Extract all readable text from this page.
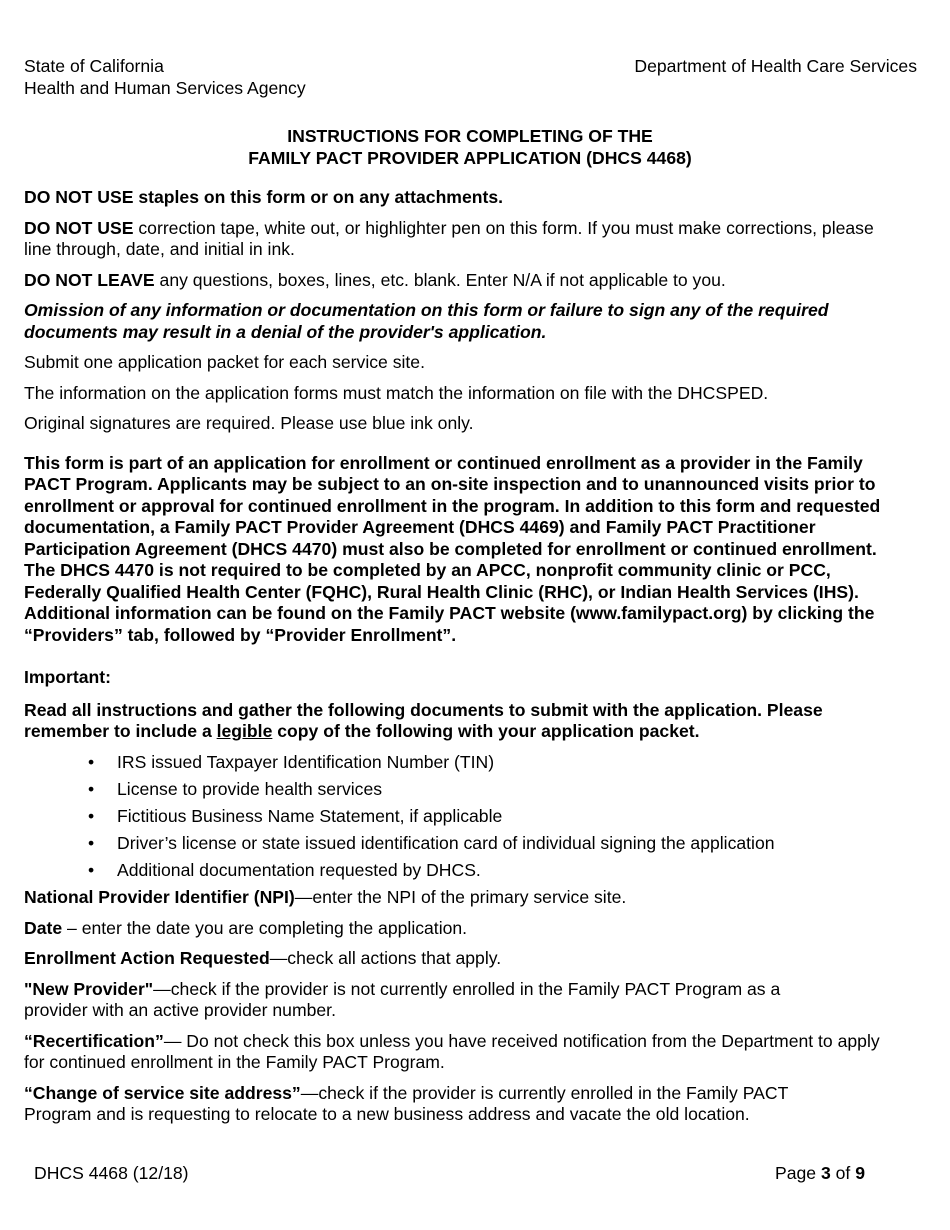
State of California
Health and Human Services Agency
Department of Health Care Services
INSTRUCTIONS FOR COMPLETING OF THE
FAMILY PACT PROVIDER APPLICATION (DHCS 4468)

DO NOT USE staples on this form or on any attachments.

DO NOT USE correction tape, white out, or highlighter pen on this form. If you must make corrections, please line through, date, and initial in ink.

DO NOT LEAVE any questions, boxes, lines, etc. blank. Enter N/A if not applicable to you.

Omission of any information or documentation on this form or failure to sign any of the required documents may result in a denial of the provider's application.

Submit one application packet for each service site.

The information on the application forms must match the information on file with the DHCSPED.

Original signatures are required. Please use blue ink only.

This form is part of an application for enrollment or continued enrollment as a provider in the Family PACT Program. Applicants may be subject to an on-site inspection and to unannounced visits prior to enrollment or approval for continued enrollment in the program. In addition to this form and requested documentation, a Family PACT Provider Agreement (DHCS 4469) and Family PACT Practitioner Participation Agreement (DHCS 4470) must also be completed for enrollment or continued enrollment. The DHCS 4470 is not required to be completed by an APCC, nonprofit community clinic or PCC, Federally Qualified Health Center (FQHC), Rural Health Clinic (RHC), or Indian Health Services (IHS). Additional information can be found on the Family PACT website (www.familypact.org) by clicking the “Providers” tab, followed by “Provider Enrollment”.

Important:

Read all instructions and gather the following documents to submit with the application. Please remember to include a legible copy of the following with your application packet.

• IRS issued Taxpayer Identification Number (TIN)
• License to provide health services
• Fictitious Business Name Statement, if applicable
• Driver’s license or state issued identification card of individual signing the application
• Additional documentation requested by DHCS.

National Provider Identifier (NPI)—enter the NPI of the primary service site.

Date – enter the date you are completing the application.

Enrollment Action Requested—check all actions that apply.

"New Provider"—check if the provider is not currently enrolled in the Family PACT Program as a provider with an active provider number.

“Recertification”— Do not check this box unless you have received notification from the Department to apply for continued enrollment in the Family PACT Program.

“Change of service site address”—check if the provider is currently enrolled in the Family PACT Program and is requesting to relocate to a new business address and vacate the old location.

DHCS 4468 (12/18)	Page 3 of 9
